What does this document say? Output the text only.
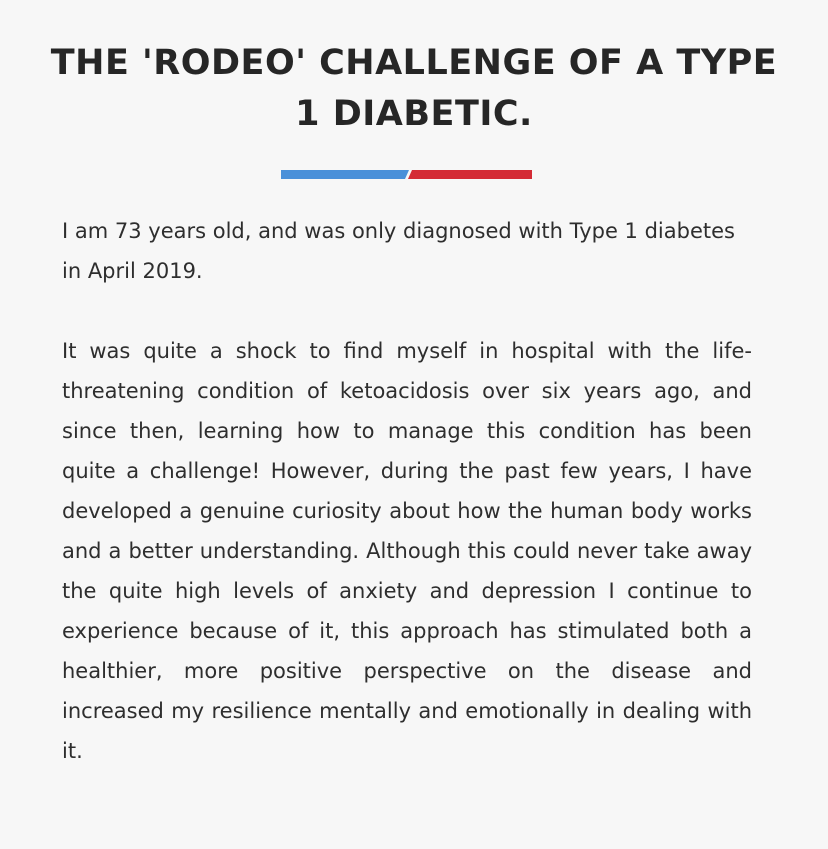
THE 'RODEO' CHALLENGE OF A TYPE 1 DIABETIC.

I am 73 years old, and was only diagnosed with Type 1 diabetes in April 2019.

It was quite a shock to find myself in hospital with the life-threatening condition of ketoacidosis over six years ago, and since then, learning how to manage this condition has been quite a challenge! However, during the past few years, I have developed a genuine curiosity about how the human body works and a better understanding. Although this could never take away the quite high levels of anxiety and depression I continue to experience because of it, this approach has stimulated both a healthier, more positive perspective on the disease and increased my resilience mentally and emotionally in dealing with it.
